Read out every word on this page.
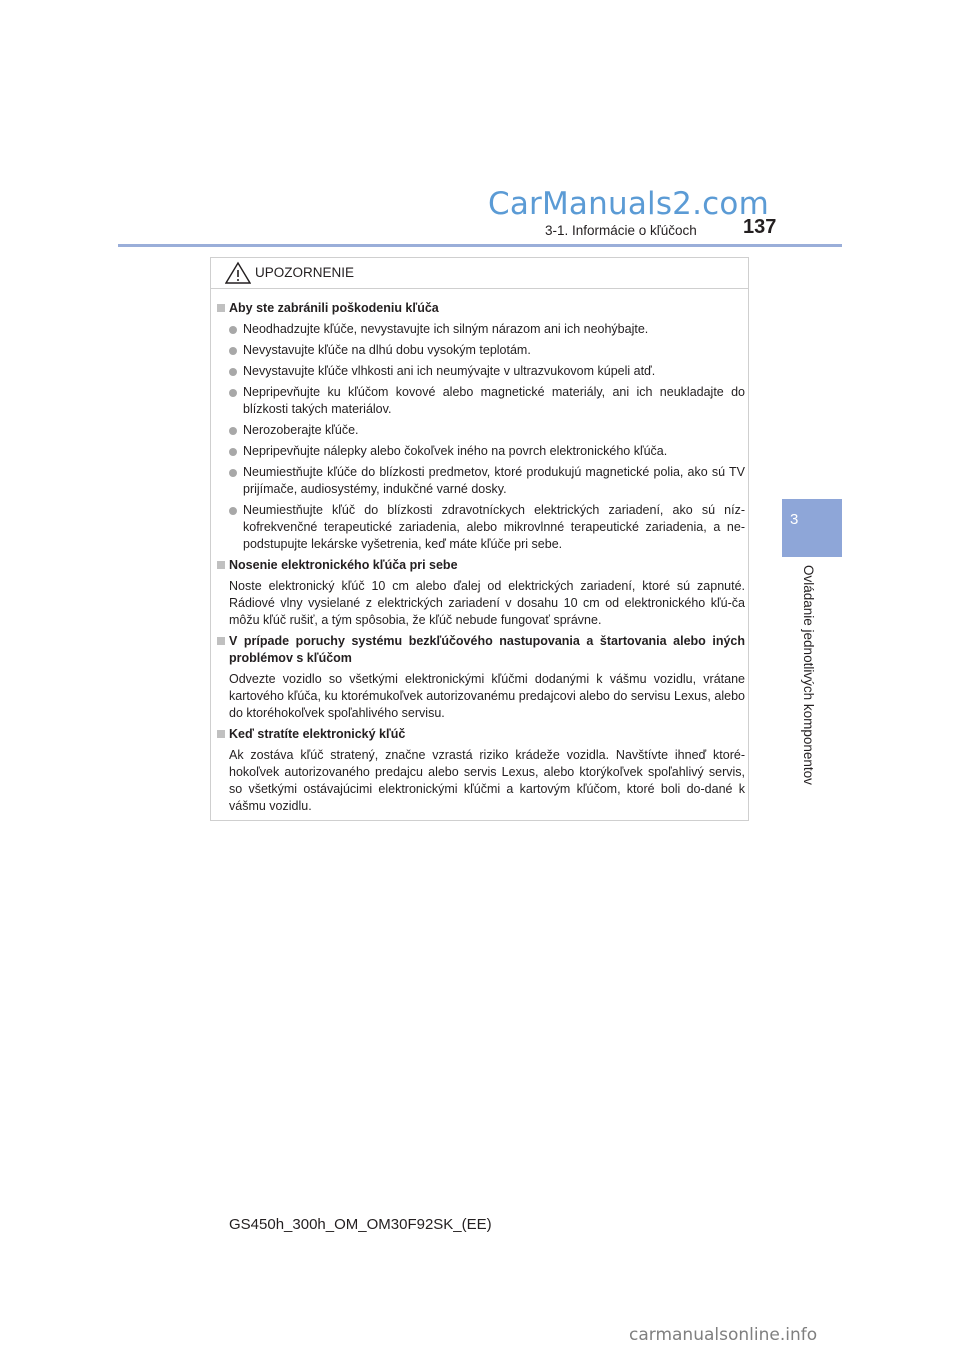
CarManuals2.com
3-1. Informácie o kľúčoch 137
3
Ovládanie jednotlivých komponentov
UPOZORNENIE
Aby ste zabránili poškodeniu kľúča
Neodhadzujte kľúče, nevystavujte ich silným nárazom ani ich neohýbajte.
Nevystavujte kľúče na dlhú dobu vysokým teplotám.
Nevystavujte kľúče vlhkosti ani ich neumývajte v ultrazvukovom kúpeli atď.
Nepripevňujte ku kľúčom kovové alebo magnetické materiály, ani ich neukladajte do blízkosti takých materiálov.
Nerozoberajte kľúče.
Nepripevňujte nálepky alebo čokoľvek iného na povrch elektronického kľúča.
Neumiestňujte kľúče do blízkosti predmetov, ktoré produkujú magnetické polia, ako sú TV prijímače, audiosystémy, indukčné varné dosky.
Neumiestňujte kľúč do blízkosti zdravotníckych elektrických zariadení, ako sú níz-kofrekvenčné terapeutické zariadenia, alebo mikrovlnné terapeutické zariadenia, a ne-podstupujte lekárske vyšetrenia, keď máte kľúče pri sebe.
Nosenie elektronického kľúča pri sebe
Noste elektronický kľúč 10 cm alebo ďalej od elektrických zariadení, ktoré sú zapnuté. Rádiové vlny vysielané z elektrických zariadení v dosahu 10 cm od elektronického kľú-ča môžu kľúč rušiť, a tým spôsobia, že kľúč nebude fungovať správne.
V prípade poruchy systému bezkľúčového nastupovania a štartovania alebo iných problémov s kľúčom
Odvezte vozidlo so všetkými elektronickými kľúčmi dodanými k vášmu vozidlu, vrátane kartového kľúča, ku ktorémukoľvek autorizovanému predajcovi alebo do servisu Lexus, alebo do ktoréhokoľvek spoľahlivého servisu.
Keď stratíte elektronický kľúč
Ak zostáva kľúč stratený, značne vzrastá riziko krádeže vozidla. Navštívte ihneď ktoré-hokoľvek autorizovaného predajcu alebo servis Lexus, alebo ktorýkoľvek spoľahlivý servis, so všetkými ostávajúcimi elektronickými kľúčmi a kartovým kľúčom, ktoré boli do-dané k vášmu vozidlu.
GS450h_300h_OM_OM30F92SK_(EE)
carmanualsonline.info
